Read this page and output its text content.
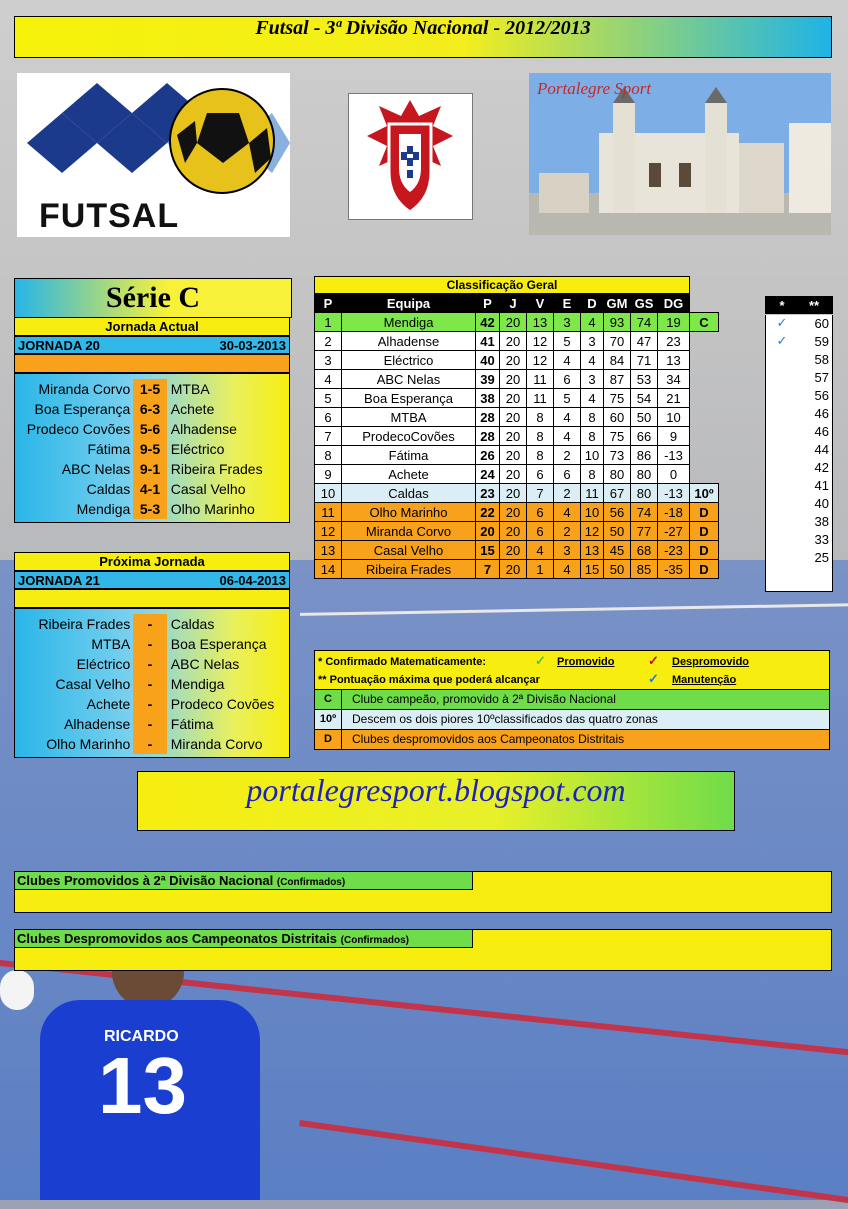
RICARDO
13
Futsal - 3ª Divisão Nacional - 2012/2013
FUTSAL
Portalegre Sport
Série C
Jornada Actual
JORNADA 20	30-03-2013
Miranda Corvo 1-5 MTBA
Boa Esperança 6-3 Achete
Prodeco Covões 5-6 Alhadense
Fátima 9-5 Eléctrico
ABC Nelas 9-1 Ribeira Frades
Caldas 4-1 Casal Velho
Mendiga 5-3 Olho Marinho
Próxima Jornada
JORNADA 21	06-04-2013
Ribeira Frades	-	Caldas
MTBA	-	Boa Esperança
Eléctrico	-	ABC Nelas
Casal Velho	-	Mendiga
Achete	-	Prodeco Covões
Alhadense	-	Fátima
Olho Marinho	-	Miranda Corvo
Classificação Geral										
P	Equipa	P	J	V	E	D	GM	GS	DG	
1	Mendiga	42	20	13	3	4	93	74	19	C
2	Alhadense	41	20	12	5	3	70	47	23	
3	Eléctrico	40	20	12	4	4	84	71	13	
4	ABC Nelas	39	20	11	6	3	87	53	34	
5	Boa Esperança	38	20	11	5	4	75	54	21	
6	MTBA	28	20	8	4	8	60	50	10	
7	ProdecoCovões	28	20	8	4	8	75	66	9	
8	Fátima	26	20	8	2	10	73	86	-13	
9	Achete	24	20	6	6	8	80	80	0	
10	Caldas	23	20	7	2	11	67	80	-13	10º
11	Olho Marinho	22	20	6	4	10	56	74	-18	D
12	Miranda Corvo	20	20	6	2	12	50	77	-27	D
13	Casal Velho	15	20	4	3	13	45	68	-23	D
14	Ribeira Frades	7	20	1	4	15	50	85	-35	D
*	**
✓	60
✓	59
	58
	57
	56
	46
	46
	44
	42
	41
	40
	38
	33
	25
* Confirmado Matematicamente:
** Pontuação máxima que poderá alcançar
✓ Promovido	✓ Despromovido
✓ Manutenção
C	Clube campeão, promovido à 2ª Divisão Nacional
10º	Descem os dois piores 10ºclassificados das quatro zonas
D	Clubes despromovidos aos Campeonatos Distritais
portalegresport.blogspot.com
Clubes Promovidos à 2ª Divisão Nacional (Confirmados)
Clubes Despromovidos aos Campeonatos Distritais (Confirmados)
